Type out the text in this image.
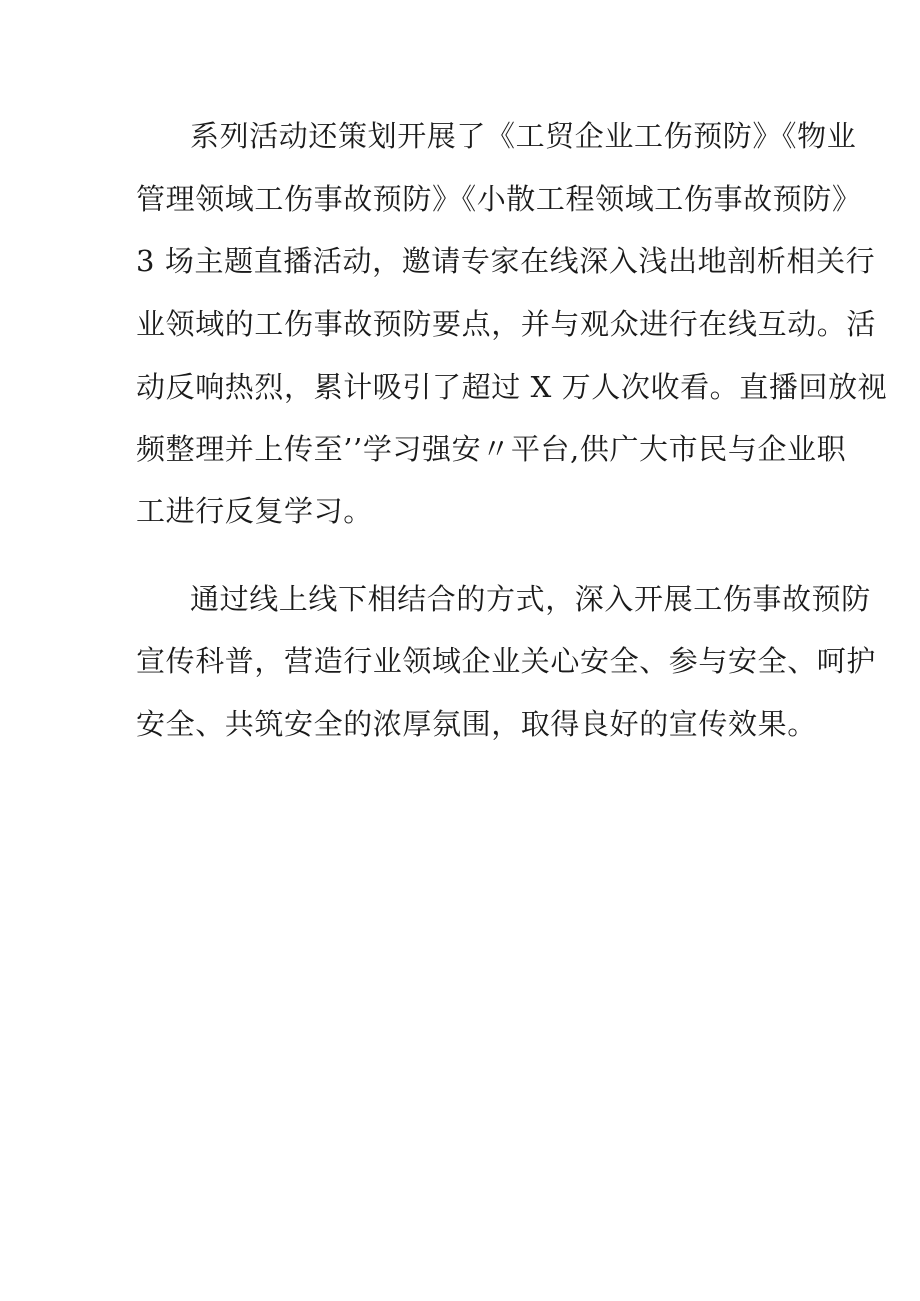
系列活动还策划开展了《工贸企业工伤预防》《物业
管理领域工伤事故预防》《小散工程领域工伤事故预防》
3 场主题直播活动，邀请专家在线深入浅出地剖析相关行
业领域的工伤事故预防要点，并与观众进行在线互动。活
动反响热烈，累计吸引了超过 X 万人次收看。直播回放视
频整理并上传至’’学习强安〃平台,供广大市民与企业职
工进行反复学习。
通过线上线下相结合的方式，深入开展工伤事故预防
宣传科普，营造行业领域企业关心安全、参与安全、呵护
安全、共筑安全的浓厚氛围，取得良好的宣传效果。
